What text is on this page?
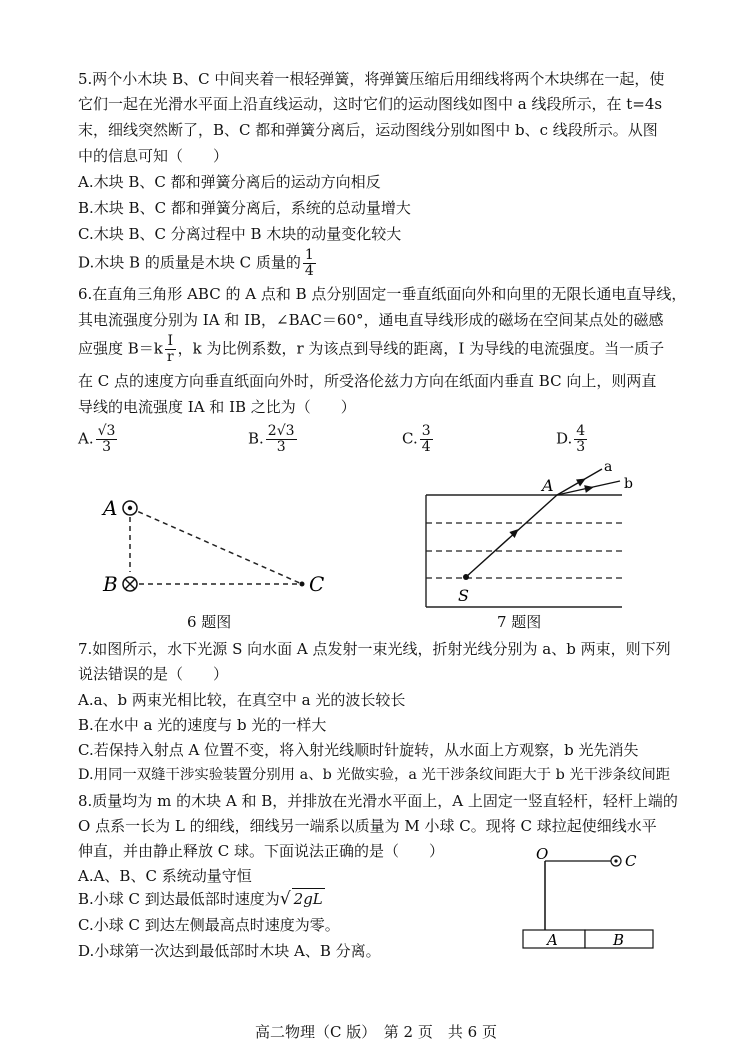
5.两个小木块 B、C 中间夹着一根轻弹簧，将弹簧压缩后用细线将两个木块绑在一起，使
它们一起在光滑水平面上沿直线运动，这时它们的运动图线如图中 a 线段所示，在 t=4s
末，细线突然断了，B、C 都和弹簧分离后，运动图线分别如图中 b、c 线段所示。从图
中的信息可知（　　）
A.木块 B、C 都和弹簧分离后的运动方向相反
B.木块 B、C 都和弹簧分离后，系统的总动量增大
C.木块 B、C 分离过程中 B 木块的动量变化较大
D.木块 B 的质量是木块 C 质量的 $\frac{1}{4}$
6.在直角三角形 ABC 的 A 点和 B 点分别固定一垂直纸面向外和向里的无限长通电直导线，
其电流强度分别为 IA 和 IB，∠BAC＝60°，通电直导线形成的磁场在空间某点处的磁感
应强度 $B=k \frac{I}{r}$ ，k 为比例系数，r 为该点到导线的距离，I 为导线的电流强度。当一质子
在 C 点的速度方向垂直纸面向外时，所受洛伦兹力方向在纸面内垂直 BC 向上，则两直
导线的电流强度 IA 和 IB 之比为（　　）
A. $\frac{√3}{3}$	B. $\frac{2√3}{3}$	C. $\frac{3}{4}$	D. $\frac{4}{3}$
A
B	C
6 题图
A
S
a
b
7 题图
7.如图所示，水下光源 S 向水面 A 点发射一束光线，折射光线分别为 a、b 两束，则下列
说法错误的是（　　）
A.a、b 两束光相比较，在真空中 a 光的波长较长
B.在水中 a 光的速度与 b 光的一样大
C.若保持入射点 A 位置不变，将入射光线顺时针旋转，从水面上方观察，b 光先消失
D.用同一双缝干涉实验装置分别用 a、b 光做实验，a 光干涉条纹间距大于 b 光干涉条纹间距
8.质量均为 m 的木块 A 和 B，并排放在光滑水平面上，A 上固定一竖直轻杆，轻杆上端的
O 点系一长为 L 的细线，细线另一端系以质量为 M 小球 C。现将 C 球拉起使细线水平
伸直，并由静止释放 C 球。下面说法正确的是（　　）
A.A、B、C 系统动量守恒
B.小球 C 到达最低部时速度为√ 2gL
C.小球 C 到达左侧最高点时速度为零。
D.小球第一次达到最低部时木块 A、B 分离。
O	C
A	B
高二物理（C 版）　第 2 页　共 6 页
